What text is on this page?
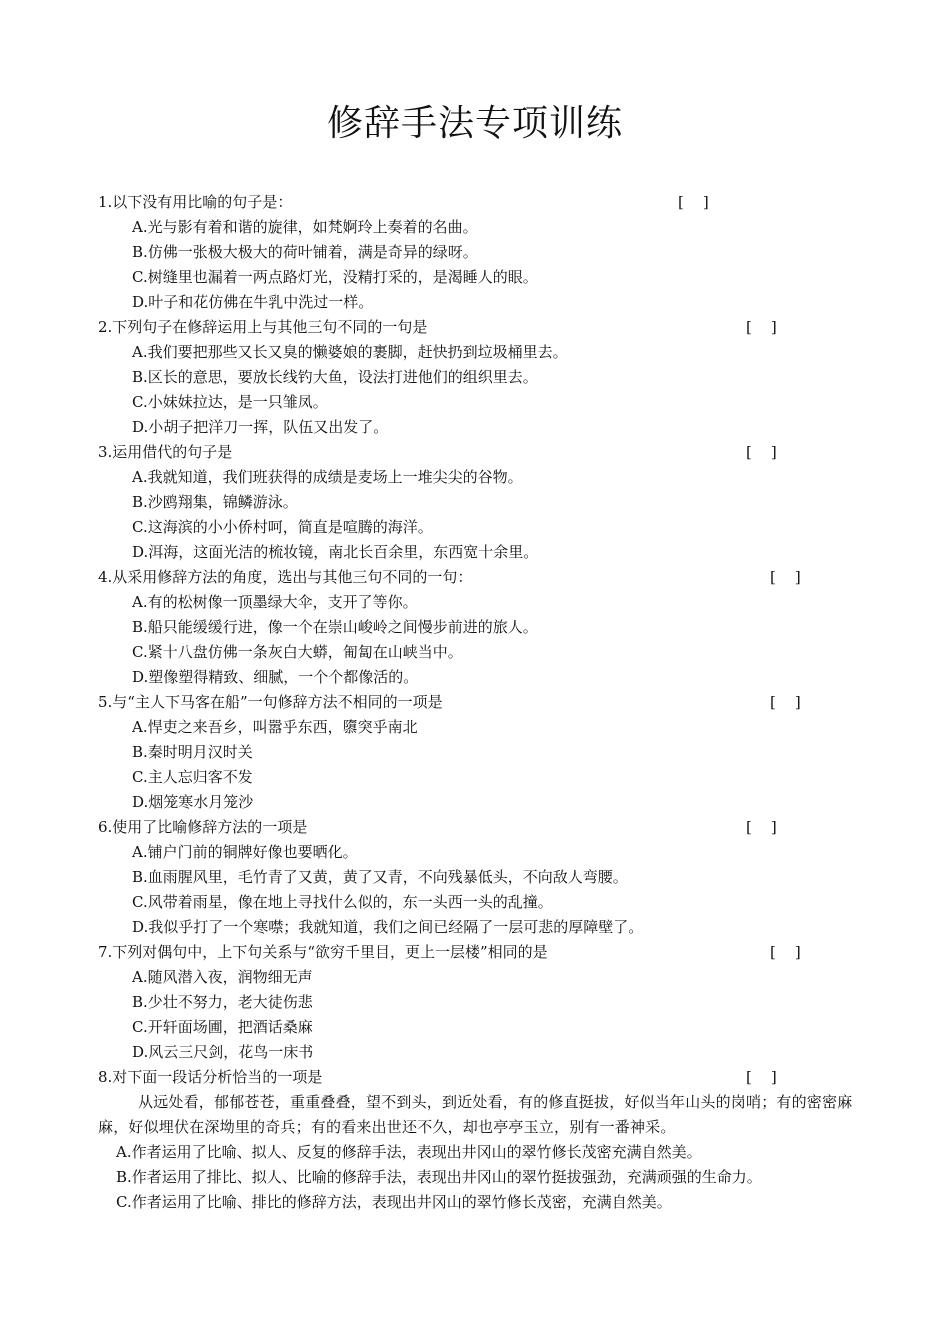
修辞手法专项训练
1.以下没有用比喻的句子是：	[    ]
A.光与影有着和谐的旋律，如梵婀玲上奏着的名曲。
B.仿佛一张极大极大的荷叶铺着，满是奇异的绿呀。
C.树缝里也漏着一两点路灯光，没精打采的，是渴睡人的眼。
D.叶子和花仿佛在牛乳中洗过一样。
2.下列句子在修辞运用上与其他三句不同的一句是	[    ]
A.我们要把那些又长又臭的懒婆娘的裹脚，赶快扔到垃圾桶里去。
B.区长的意思，要放长线钓大鱼，设法打进他们的组织里去。
C.小妹妹拉达，是一只雏凤。
D.小胡子把洋刀一挥，队伍又出发了。
3.运用借代的句子是	[    ]
A.我就知道，我们班获得的成绩是麦场上一堆尖尖的谷物。
B.沙鸥翔集，锦鳞游泳。
C.这海滨的小小侨村呵，简直是喧腾的海洋。
D.洱海，这面光洁的梳妆镜，南北长百余里，东西宽十余里。
4.从采用修辞方法的角度，选出与其他三句不同的一句：	[    ]
A.有的松树像一顶墨绿大伞，支开了等你。
B.船只能缓缓行进，像一个在崇山峻岭之间慢步前进的旅人。
C.紧十八盘仿佛一条灰白大蟒，匍匐在山峡当中。
D.塑像塑得精致、细腻，一个个都像活的。
5.与“主人下马客在船”一句修辞方法不相同的一项是	[    ]
A.悍吏之来吾乡，叫嚣乎东西，隳突乎南北
B.秦时明月汉时关
C.主人忘归客不发
D.烟笼寒水月笼沙
6.使用了比喻修辞方法的一项是	[    ]
A.铺户门前的铜牌好像也要晒化。
B.血雨腥风里，毛竹青了又黄，黄了又青，不向残暴低头，不向敌人弯腰。
C.风带着雨星，像在地上寻找什么似的，东一头西一头的乱撞。
D.我似乎打了一个寒噤；我就知道，我们之间已经隔了一层可悲的厚障壁了。
7.下列对偶句中，上下句关系与“欲穷千里目，更上一层楼”相同的是	[    ]
A.随风潜入夜，润物细无声
B.少壮不努力，老大徒伤悲
C.开轩面场圃，把酒话桑麻
D.风云三尺剑，花鸟一床书
8.对下面一段话分析恰当的一项是	[    ]
从远处看，郁郁苍苍，重重叠叠，望不到头，到近处看，有的修直挺拔，好似当年山头的岗哨；有的密密麻麻，好似埋伏在深坳里的奇兵；有的看来出世还不久，却也亭亭玉立，别有一番神采。
A.作者运用了比喻、拟人、反复的修辞手法，表现出井冈山的翠竹修长茂密充满自然美。
B.作者运用了排比、拟人、比喻的修辞手法，表现出井冈山的翠竹挺拔强劲，充满顽强的生命力。
C.作者运用了比喻、排比的修辞方法，表现出井冈山的翠竹修长茂密，充满自然美。
